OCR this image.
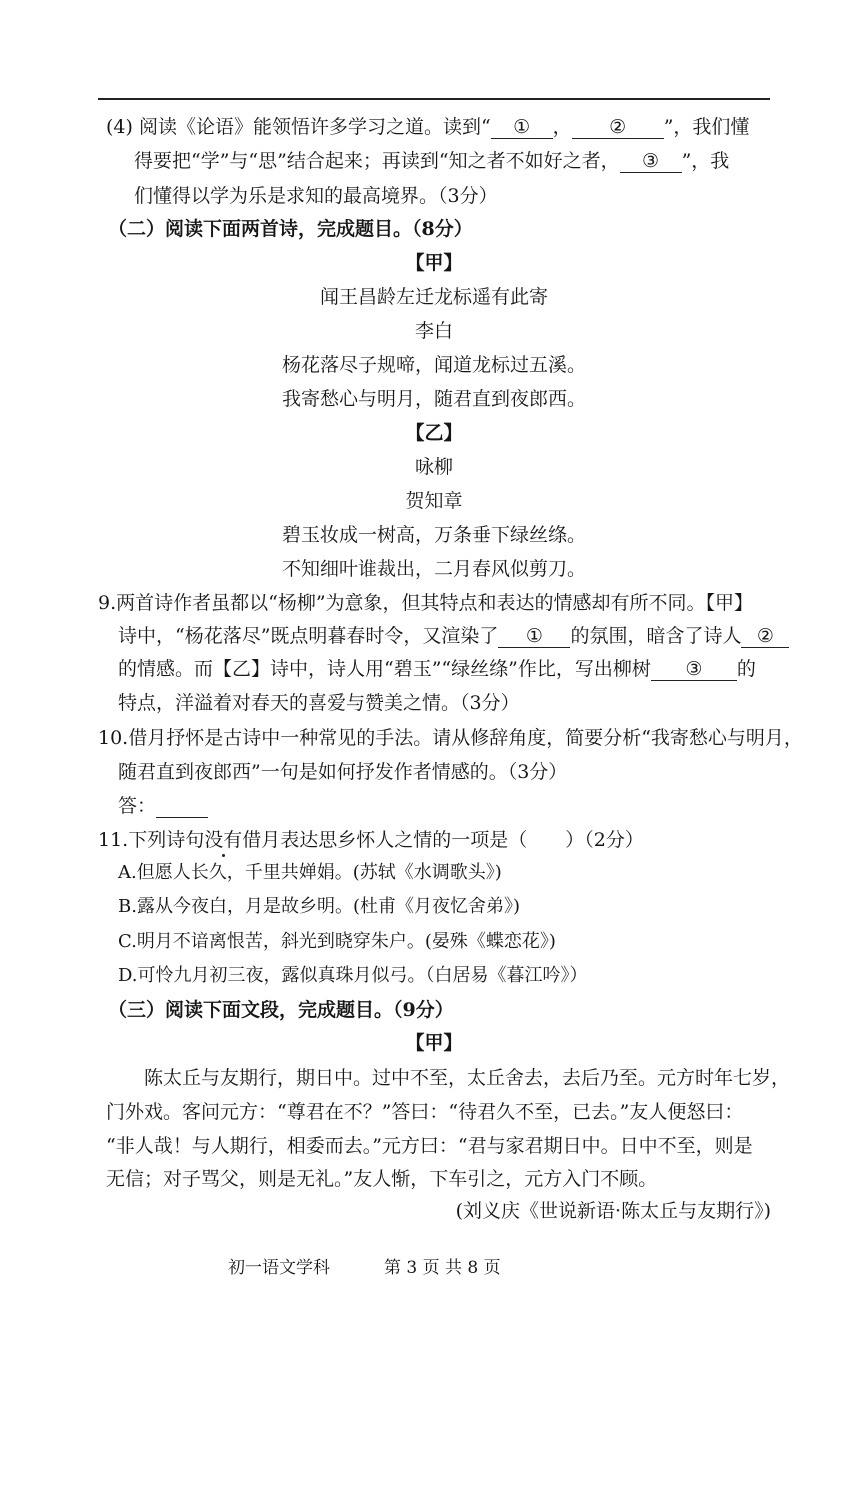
(4) 阅读《论语》能领悟许多学习之道。读到“ ① ， ② ”，我们懂
得要把“学”与“思”结合起来；再读到“知之者不如好之者， ③ ”，我
们懂得以学为乐是求知的最高境界。（3分）
（二）阅读下面两首诗，完成题目。（8分）
【甲】
闻王昌龄左迁龙标遥有此寄
李白
杨花落尽子规啼，闻道龙标过五溪。
我寄愁心与明月，随君直到夜郎西。
【乙】
咏柳
贺知章
碧玉妆成一树高，万条垂下绿丝绦。
不知细叶谁裁出，二月春风似剪刀。
9.两首诗作者虽都以“杨柳”为意象，但其特点和表达的情感却有所不同。【甲】
诗中，“杨花落尽”既点明暮春时令，又渲染了 ① 的氛围，暗含了诗人 ②
的情感。而【乙】诗中，诗人用“碧玉”“绿丝绦”作比，写出柳树 ③ 的
特点，洋溢着对春天的喜爱与赞美之情。（3分）
10.借月抒怀是古诗中一种常见的手法。请从修辞角度，简要分析“我寄愁心与明月，
随君直到夜郎西”一句是如何抒发作者情感的。（3分）
答：
11.下列诗句没有借月表达思乡怀人之情的一项是（　　）（2分）
A.但愿人长久，千里共婵娟。(苏轼《水调歌头》)
B.露从今夜白，月是故乡明。(杜甫《月夜忆舍弟》)
C.明月不谙离恨苦，斜光到晓穿朱户。(晏殊《蝶恋花》)
D.可怜九月初三夜，露似真珠月似弓。（白居易《暮江吟》）
（三）阅读下面文段，完成题目。（9分）
【甲】
陈太丘与友期行，期日中。过中不至，太丘舍去，去后乃至。元方时年七岁，
门外戏。客问元方：“尊君在不？”答曰：“待君久不至，已去。”友人便怒曰：
“非人哉！与人期行，相委而去。”元方曰：“君与家君期日中。日中不至，则是
无信；对子骂父，则是无礼。”友人惭，下车引之，元方入门不顾。
(刘义庆《世说新语·陈太丘与友期行》)
初一语文学科	第 3 页 共 8 页
